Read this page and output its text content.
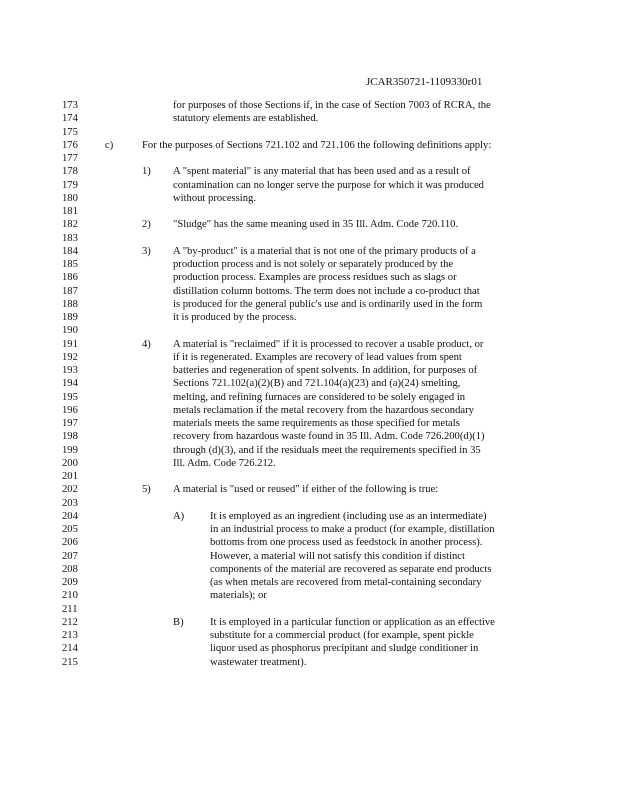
JCAR350721-1109330r01
173	for purposes of those Sections if, in the case of Section 7003 of RCRA, the
174	statutory elements are established.
175
176	c)	For the purposes of Sections 721.102 and 721.106 the following definitions apply:
177
178	1) A "spent material" is any material that has been used and as a result of
179	contamination can no longer serve the purpose for which it was produced
180	without processing.
181
182	2) "Sludge" has the same meaning used in 35 Ill. Adm. Code 720.110.
183
184	3) A "by-product" is a material that is not one of the primary products of a
185	production process and is not solely or separately produced by the
186	production process. Examples are process residues such as slags or
187	distillation column bottoms. The term does not include a co-product that
188	is produced for the general public's use and is ordinarily used in the form
189	it is produced by the process.
190
191	4) A material is "reclaimed" if it is processed to recover a usable product, or
192	if it is regenerated. Examples are recovery of lead values from spent
193	batteries and regeneration of spent solvents. In addition, for purposes of
194	Sections 721.102(a)(2)(B) and 721.104(a)(23) and (a)(24) smelting,
195	melting, and refining furnaces are considered to be solely engaged in
196	metals reclamation if the metal recovery from the hazardous secondary
197	materials meets the same requirements as those specified for metals
198	recovery from hazardous waste found in 35 Ill. Adm. Code 726.200(d)(1)
199	through (d)(3), and if the residuals meet the requirements specified in 35
200	Ill. Adm. Code 726.212.
201
202	5) A material is "used or reused" if either of the following is true:
203
204	A) It is employed as an ingredient (including use as an intermediate)
205	in an industrial process to make a product (for example, distillation
206	bottoms from one process used as feedstock in another process).
207	However, a material will not satisfy this condition if distinct
208	components of the material are recovered as separate end products
209	(as when metals are recovered from metal-containing secondary
210	materials); or
211
212	B) It is employed in a particular function or application as an effective
213	substitute for a commercial product (for example, spent pickle
214	liquor used as phosphorus precipitant and sludge conditioner in
215	wastewater treatment).
